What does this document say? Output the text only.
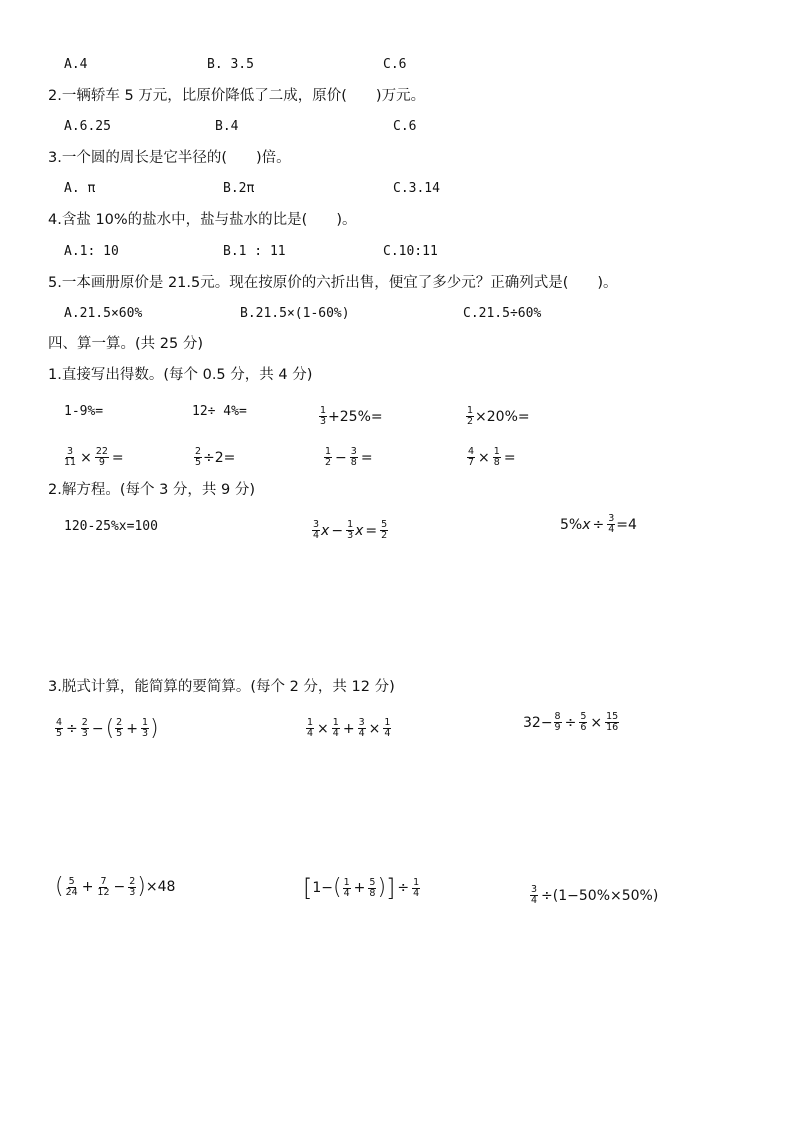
A.4	B. 3.5	C.6
2.一辆轿车 5 万元，比原价降低了二成，原价(　　)万元。
A.6.25	B.4	C.6
3.一个圆的周长是它半径的(　　)倍。
A. π	B.2π	C.3.14
4.含盐 10%的盐水中，盐与盐水的比是(　　)。
A.1: 10	B.1 : 11	C.10:11
5.一本画册原价是 21.5元。现在按原价的六折出售，便宜了多少元？正确列式是(　　)。
A.21.5×60%	B.21.5×(1-60%)	C.21.5÷60%
四、算一算。(共 25 分)
1.直接写出得数。(每个 0.5 分，共 4 分)
1-9%=	12÷ 4%=	$\frac{1}{3} +25\%=$	$\frac{1}{2} \times 20\%=$
$\frac{3}{11} \times \frac{22}{9}$ =	$\frac{2}{5} \div 2=$	$\frac{1}{2} - \frac{3}{8}$ =	$\frac{4}{7} \times \frac{1}{8}$ =
2.解方程。(每个 3 分，共 9 分)
120-25%x=100	$\frac{3}{4}$ $x - \frac{1}{3}$ $x = \frac{5}{2}$	5% $x \div \frac{3}{4} =4$
3.脱式计算，能简算的要简算。(每个 2 分，共 12 分)
$\frac{4}{5} \div \frac{2}{3}$ − ( $\frac{2}{5} + \frac{1}{3}$ )	$\frac{1}{4} \times \frac{1}{4} + \frac{3}{4} \times \frac{1}{4}$	$32- \frac{8}{9} \div \frac{5}{6} \times \frac{15}{16}$
( $\frac{5}{24} + \frac{7}{12} - \frac{2}{3}$ ) ×48	[ 1− ( $\frac{1}{4} + \frac{5}{8}$ ) ] ÷ $\frac{1}{4}$	$\frac{3}{4} \div(1-50\%\times 50\%)$
